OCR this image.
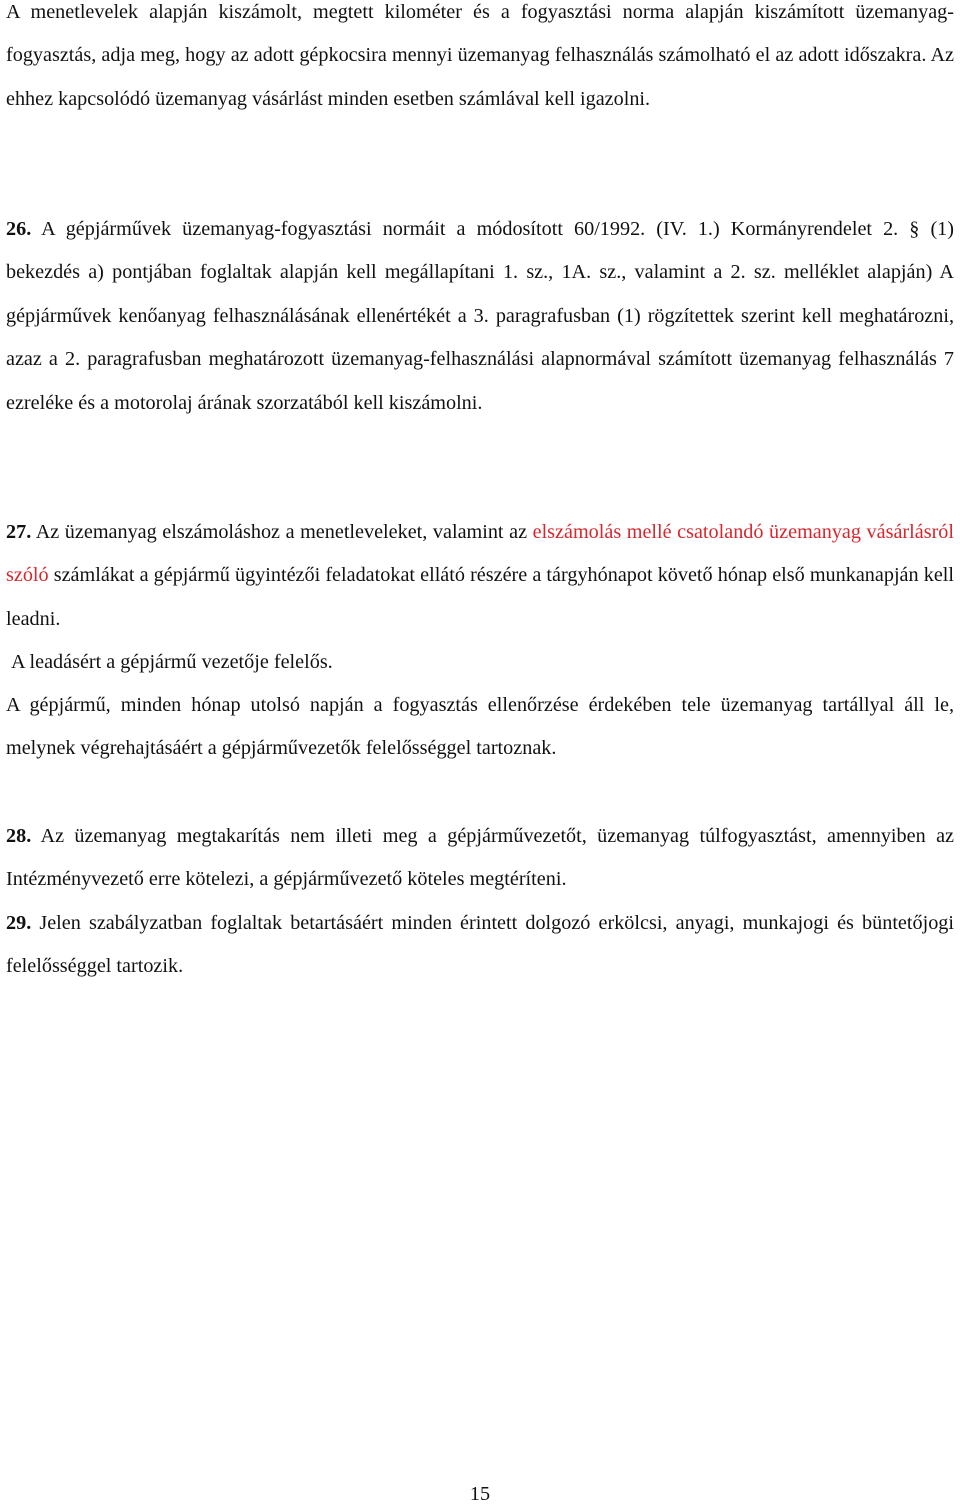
A menetlevelek alapján kiszámolt, megtett kilométer és a fogyasztási norma alapján kiszámított üzemanyag-fogyasztás, adja meg, hogy az adott gépkocsira mennyi üzemanyag felhasználás számolható el az adott időszakra. Az ehhez kapcsolódó üzemanyag vásárlást minden esetben számlával kell igazolni.

26. A gépjárművek üzemanyag-fogyasztási normáit a módosított 60/1992. (IV. 1.) Kormányrendelet 2. § (1) bekezdés a) pontjában foglaltak alapján kell megállapítani 1. sz., 1A. sz., valamint a 2. sz. melléklet alapján) A gépjárművek kenőanyag felhasználásának ellenértékét a 3. paragrafusban (1) rögzítettek szerint kell meghatározni, azaz a 2. paragrafusban meghatározott üzemanyag-felhasználási alapnormával számított üzemanyag felhasználás 7 ezreléke és a motorolaj árának szorzatából kell kiszámolni.

27. Az üzemanyag elszámoláshoz a menetleveleket, valamint az elszámolás mellé csatolandó üzemanyag vásárlásról szóló számlákat a gépjármű ügyintézői feladatokat ellátó részére a tárgyhónapot követő hónap első munkanapján kell leadni.

A leadásért a gépjármű vezetője felelős.

A gépjármű, minden hónap utolsó napján a fogyasztás ellenőrzése érdekében tele üzemanyag tartállyal áll le, melynek végrehajtásáért a gépjárművezetők felelősséggel tartoznak.

28. Az üzemanyag megtakarítás nem illeti meg a gépjárművezetőt, üzemanyag túlfogyasztást, amennyiben az Intézményvezető erre kötelezi, a gépjárművezető köteles megtéríteni.

29. Jelen szabályzatban foglaltak betartásáért minden érintett dolgozó erkölcsi, anyagi, munkajogi és büntetőjogi felelősséggel tartozik.

15
